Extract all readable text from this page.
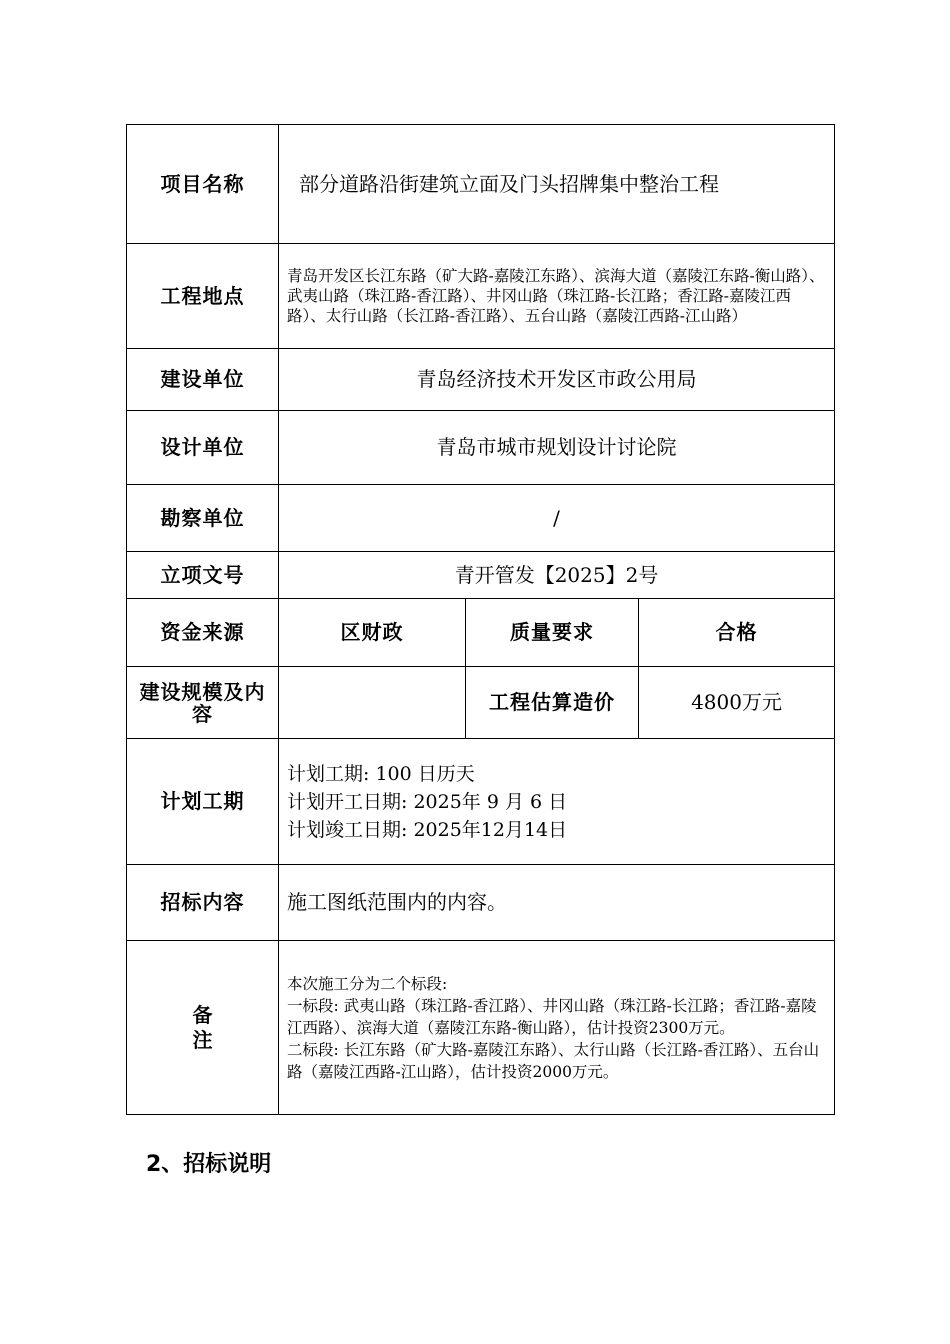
项目名称	部分道路沿街建筑立面及门头招牌集中整治工程		
工程地点	青岛开发区长江东路（矿大路-嘉陵江东路）、滨海大道（嘉陵江东路-衡山路）、武夷山路（珠江路-香江路）、井冈山路（珠江路-长江路；香江路-嘉陵江西路）、太行山路（长江路-香江路）、五台山路（嘉陵江西路-江山路）		
建设单位	青岛经济技术开发区市政公用局		
设计单位	青岛市城市规划设计讨论院		
勘察单位	/		
立项文号	青开管发【2025】2号		
资金来源	区财政	质量要求	合格
建设规模及内容		工程估算造价	4800万元
计划工期	计划工期: 100 日历天
计划开工日期: 2025年 9 月 6 日
计划竣工日期: 2025年12月14日		

招标内容	施工图纸范围内的内容。		
备注	本次施工分为二个标段:
一标段: 武夷山路（珠江路-香江路）、井冈山路（珠江路-长江路；香江路-嘉陵江西路）、滨海大道（嘉陵江东路-衡山路），估计投资2300万元。
二标段: 长江东路（矿大路-嘉陵江东路）、太行山路（长江路-香江路）、五台山路（嘉陵江西路-江山路），估计投资2000万元。		
2、招标说明
